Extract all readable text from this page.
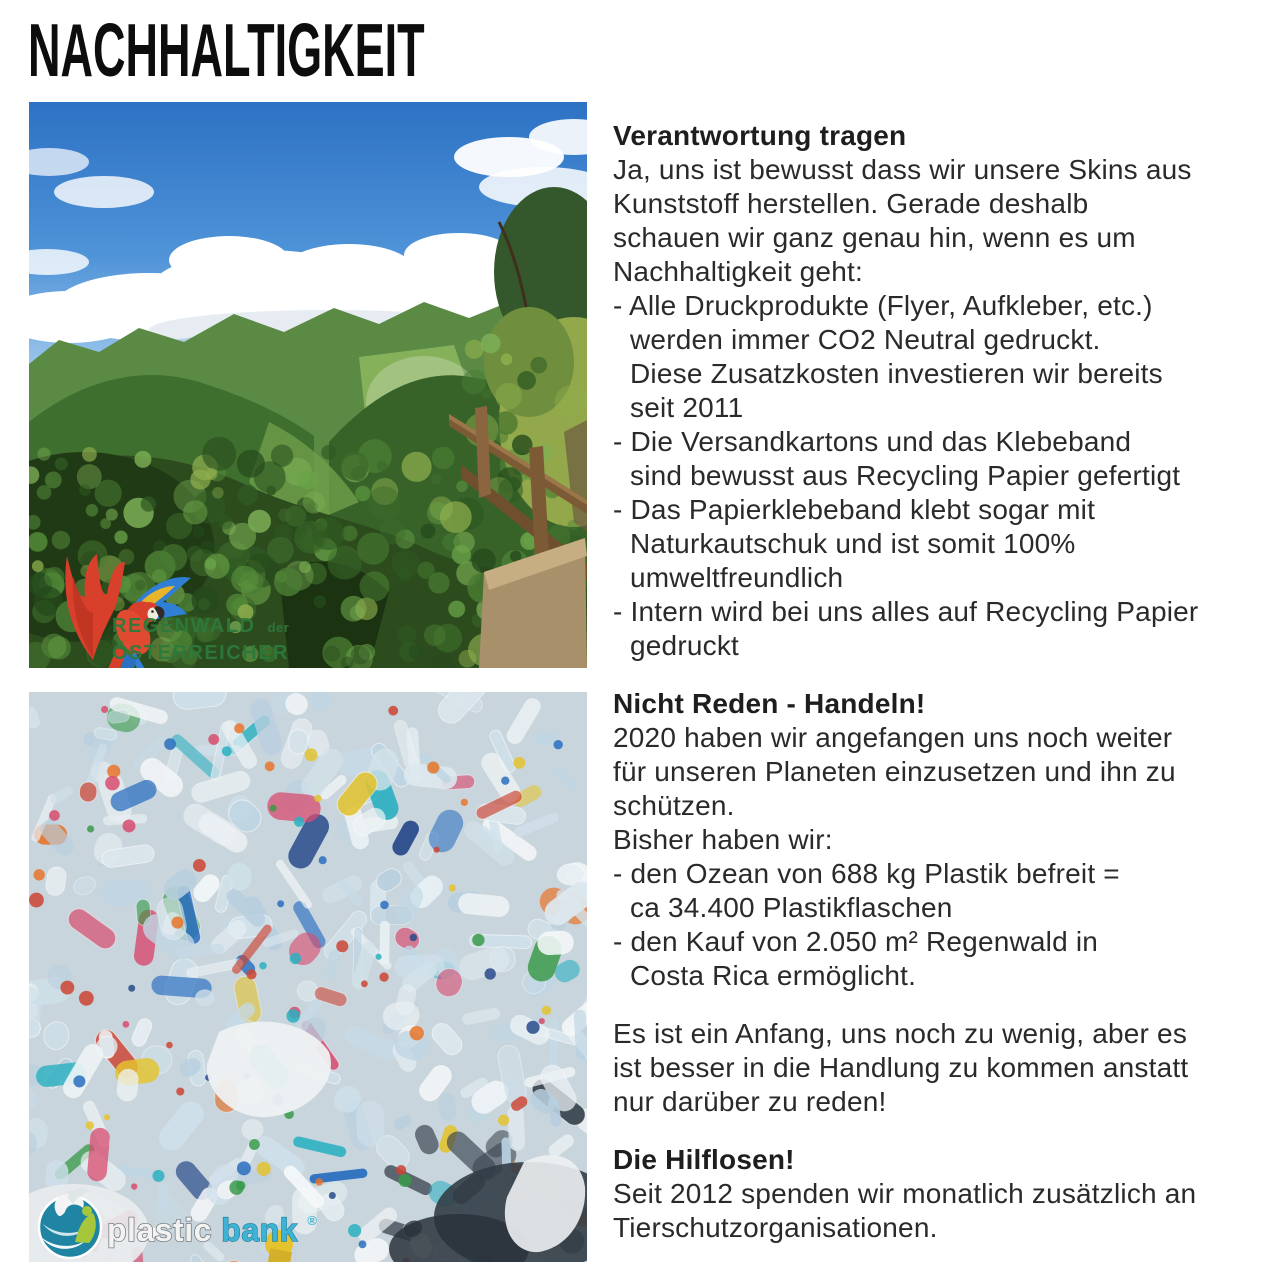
NACHHALTIGKEIT
REGENWALD der
ÖSTERREICHER
plastic bank ®
Verantwortung tragen
Ja, uns ist bewusst dass wir unsere Skins aus
Kunststoff herstellen. Gerade deshalb
schauen wir ganz genau hin, wenn es um
Nachhaltigkeit geht:
- Alle Druckprodukte (Flyer, Aufkleber, etc.)
werden immer CO2 Neutral gedruckt.
Diese Zusatzkosten investieren wir bereits
seit 2011
- Die Versandkartons und das Klebeband
sind bewusst aus Recycling Papier gefertigt
- Das Papierklebeband klebt sogar mit
Naturkautschuk und ist somit 100%
umweltfreundlich
- Intern wird bei uns alles auf Recycling Papier
gedruckt
Nicht Reden - Handeln!
2020 haben wir angefangen uns noch weiter
für unseren Planeten einzusetzen und ihn zu
schützen.
Bisher haben wir:
- den Ozean von 688 kg Plastik befreit =
ca 34.400 Plastikflaschen
- den Kauf von 2.050 m² Regenwald in
Costa Rica ermöglicht.
Es ist ein Anfang, uns noch zu wenig, aber es
ist besser in die Handlung zu kommen anstatt
nur darüber zu reden!
Die Hilflosen!
Seit 2012 spenden wir monatlich zusätzlich an
Tierschutzorganisationen.
